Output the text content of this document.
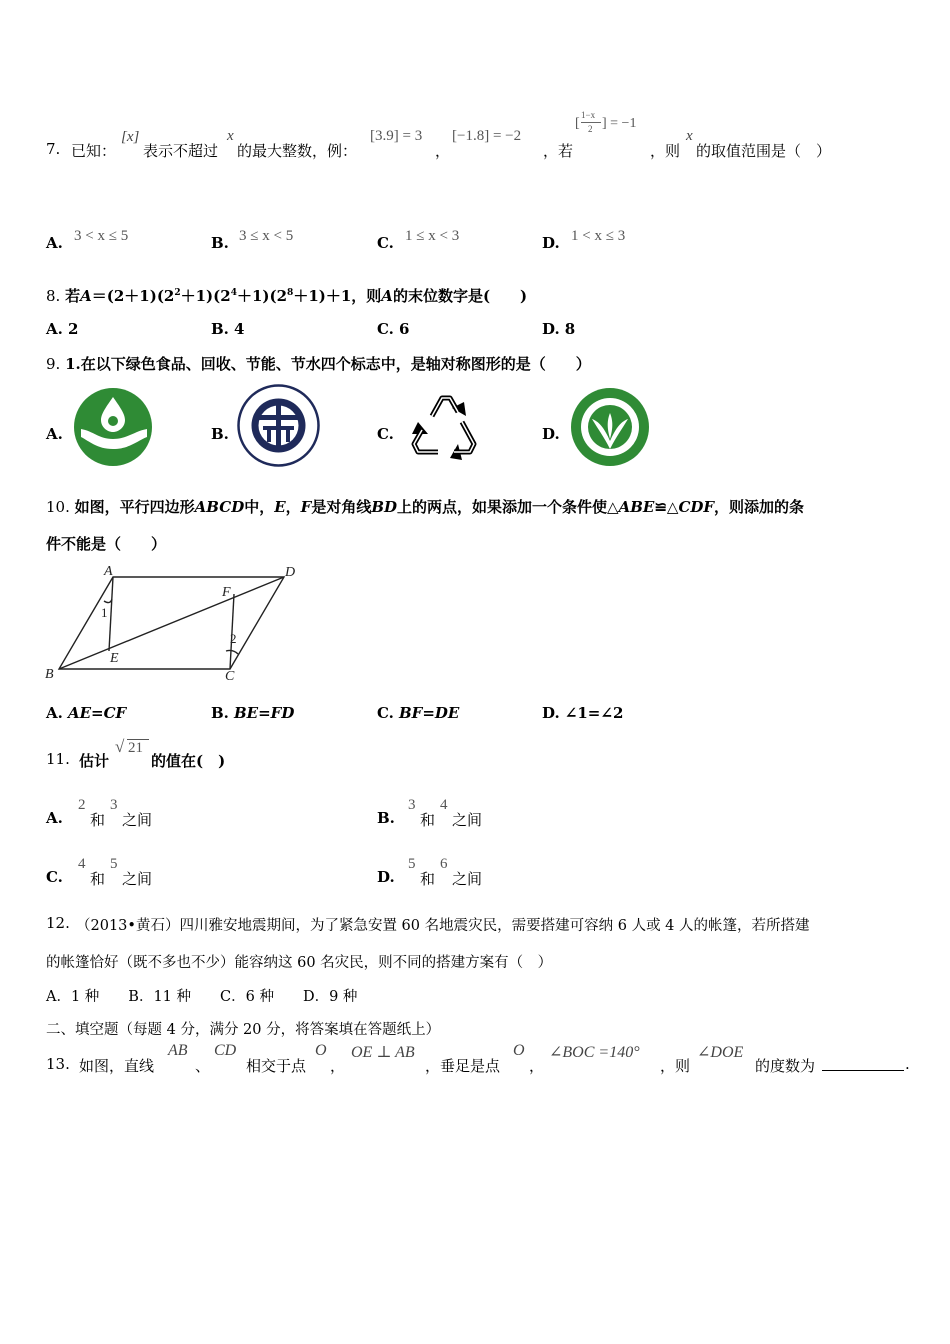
7. 已知：
[x]
表示不超过
x
的最大整数，例：
[3.9] = 3
，
[−1.8] = −2
，若
[
1−x
2 ] = −1
，则
x
的取值范围是（　）
A. 3 < x ≤ 5	B. 3 ≤ x < 5	C. 1 ≤ x < 3	D. 1 < x ≤ 3
8. 若$A=(2+1)(2^2+1)(2^4+1)(2^8+1)+1$，则A的末位数字是(　　)
A. 2	B. 4	C. 6	D. 8
9. 1.在以下绿色食品、回收、节能、节水四个标志中，是轴对称图形的是（　　）
A.	B.	C.	D.
10. 如图，平行四边形ABCD中，E，F是对角线BD上的两点，如果添加一个条件使△ABE≌△CDF，则添加的条
件不能是（　　）
A	D
B	C
E
F
1
2
A. AE=CF	B. BE=FD	C. BF=DE	D. ∠1=∠2
11. 估计
√ 21
的值在(　)
A.
2
和
3
之间	B.
3
和
4
之间
C.
4
和
5
之间	D.
5
和
6
之间
12. （2013•黄石）四川雅安地震期间，为了紧急安置 60 名地震灾民，需要搭建可容纳 6 人或 4 人的帐篷，若所搭建
的帐篷恰好（既不多也不少）能容纳这 60 名灾民，则不同的搭建方案有（　）
A．1 种　　B．11 种　　C．6 种　　D．9 种
二、填空题（每题 4 分，满分 20 分，将答案填在答题纸上）
13. 如图，直线
AB
、
CD
相交于点
O
，
OE ⊥ AB
，垂足是点
O
，
∠BOC =140°
，则
∠DOE
的度数为	.
